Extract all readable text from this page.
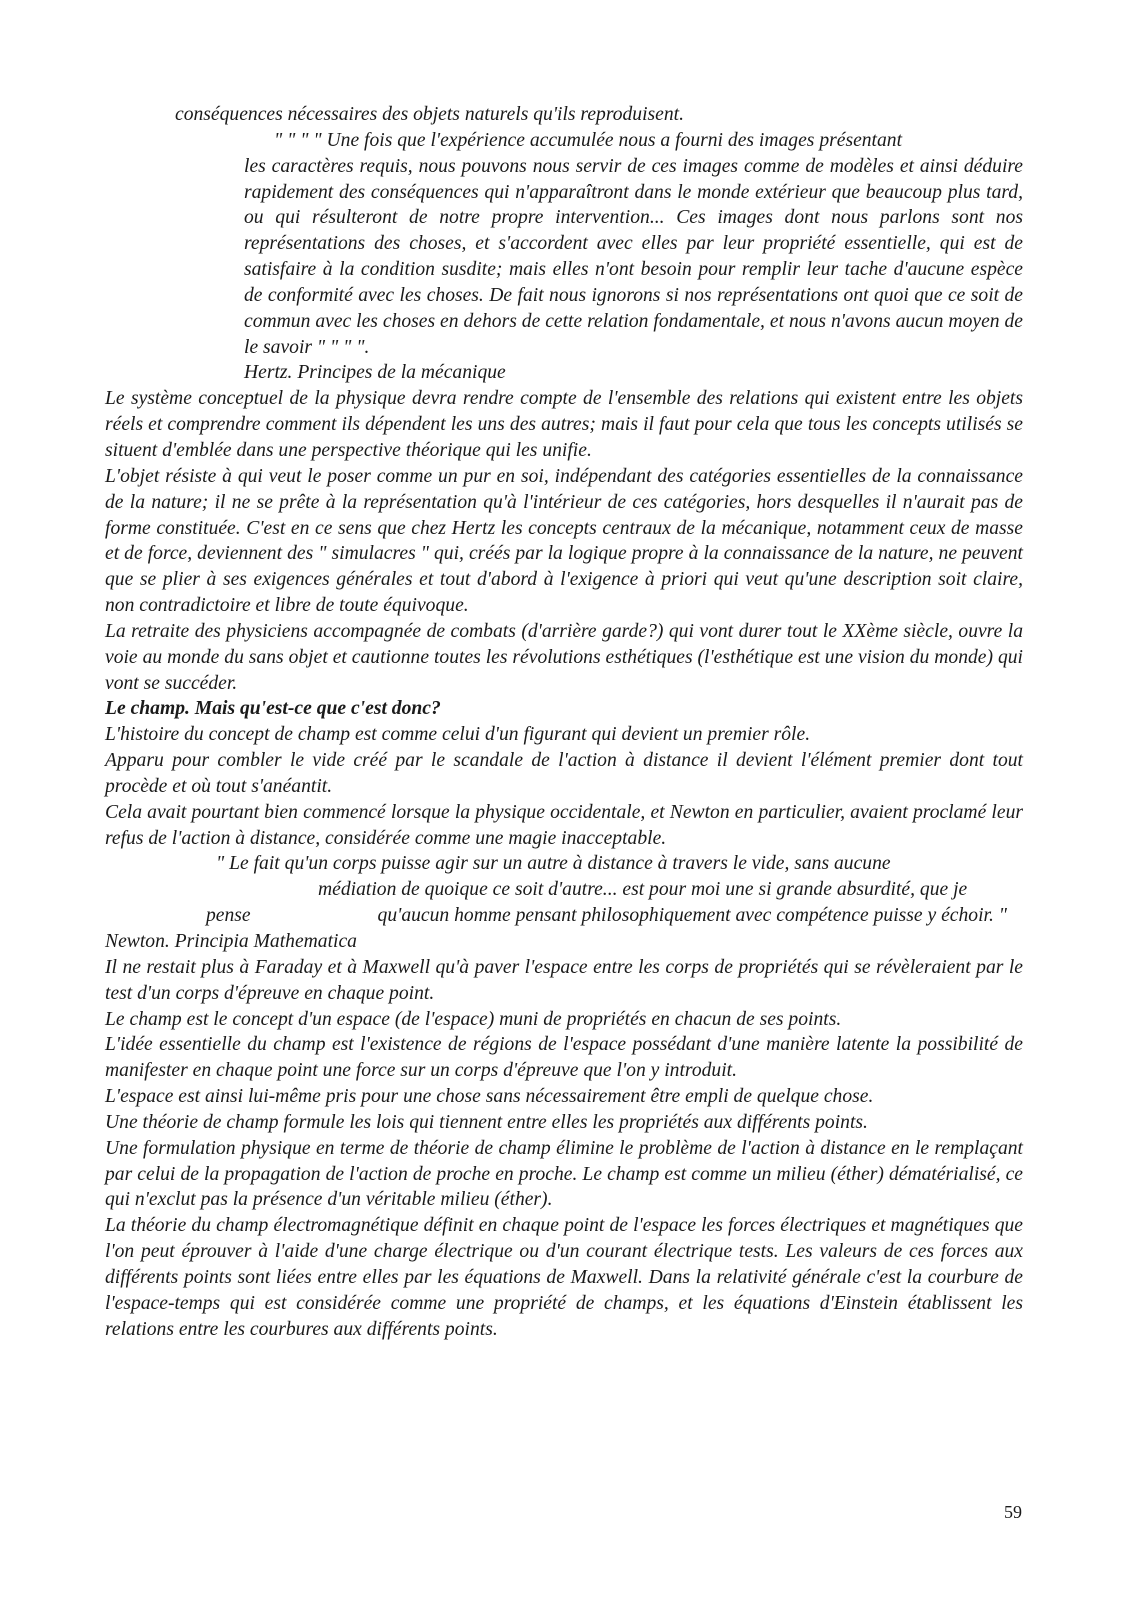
conséquences nécessaires des objets naturels qu'ils reproduisent.

" " " " Une fois que l'expérience accumulée nous a fourni des images présentant

les caractères requis, nous pouvons nous servir de ces images comme de modèles et ainsi déduire rapidement des conséquences qui n'apparaîtront dans le monde extérieur que beaucoup plus tard, ou qui résulteront de notre propre intervention... Ces images dont nous parlons sont nos représentations des choses, et s'accordent avec elles par leur propriété essentielle, qui est de satisfaire à la condition susdite; mais elles n'ont besoin pour remplir leur tache d'aucune espèce de conformité avec les choses. De fait nous ignorons si nos représentations ont quoi que ce soit de commun avec les choses en dehors de cette relation fondamentale, et nous n'avons aucun moyen de le savoir " " " ".

Hertz. Principes de la mécanique

Le système conceptuel de la physique devra rendre compte de l'ensemble des relations qui existent entre les objets réels et comprendre comment ils dépendent les uns des autres; mais il faut pour cela que tous les concepts utilisés se situent d'emblée dans une perspective théorique qui les unifie.

L'objet résiste à qui veut le poser comme un pur en soi, indépendant des catégories essentielles de la connaissance de la nature; il ne se prête à la représentation qu'à l'intérieur de ces catégories, hors desquelles il n'aurait pas de forme constituée. C'est en ce sens que chez Hertz les concepts centraux de la mécanique, notamment ceux de masse et de force, deviennent des " simulacres " qui, créés par la logique propre à la connaissance de la nature, ne peuvent que se plier à ses exigences générales et tout d'abord à l'exigence à priori qui veut qu'une description soit claire, non contradictoire et libre de toute équivoque.

La retraite des physiciens accompagnée de combats (d'arrière garde?) qui vont durer tout le XXème siècle, ouvre la voie au monde du sans objet et cautionne toutes les révolutions esthétiques (l'esthétique est une vision du monde) qui vont se succéder.

Le champ. Mais qu'est-ce que c'est donc?

L'histoire du concept de champ est comme celui d'un figurant qui devient un premier rôle.

Apparu pour combler le vide créé par le scandale de l'action à distance il devient l'élément premier dont tout procède et où tout s'anéantit.

Cela avait pourtant bien commencé lorsque la physique occidentale, et Newton en particulier, avaient proclamé leur refus de l'action à distance, considérée comme une magie inacceptable.

" Le fait qu'un corps puisse agir sur un autre à distance à travers le vide, sans aucune médiation de quoique ce soit d'autre... est pour moi une si grande absurdité, que je pense	qu'aucun homme pensant philosophiquement avec compétence puisse y échoir. "

Newton. Principia Mathematica

Il ne restait plus à Faraday et à Maxwell qu'à paver l'espace entre les corps de propriétés qui se révèleraient par le test d'un corps d'épreuve en chaque point.

Le champ est le concept d'un espace (de l'espace) muni de propriétés en chacun de ses points.

L'idée essentielle du champ est l'existence de régions de l'espace possédant d'une manière latente la possibilité de manifester en chaque point une force sur un corps d'épreuve que l'on y introduit.

L'espace est ainsi lui-même pris pour une chose sans nécessairement être empli de quelque chose.

Une théorie de champ formule les lois qui tiennent entre elles les propriétés aux différents points.

Une formulation physique en terme de théorie de champ élimine le problème de l'action à distance en le remplaçant par celui de la propagation de l'action de proche en proche. Le champ est comme un milieu (éther) dématérialisé, ce qui n'exclut pas la présence d'un véritable milieu (éther).

La théorie du champ électromagnétique définit en chaque point de l'espace les forces électriques et magnétiques que l'on peut éprouver à l'aide d'une charge électrique ou d'un courant électrique tests. Les valeurs de ces forces aux différents points sont liées entre elles par les équations de Maxwell. Dans la relativité générale c'est la courbure de l'espace-temps qui est considérée comme une propriété de champs, et les équations d'Einstein établissent les relations entre les courbures aux différents points.

59
